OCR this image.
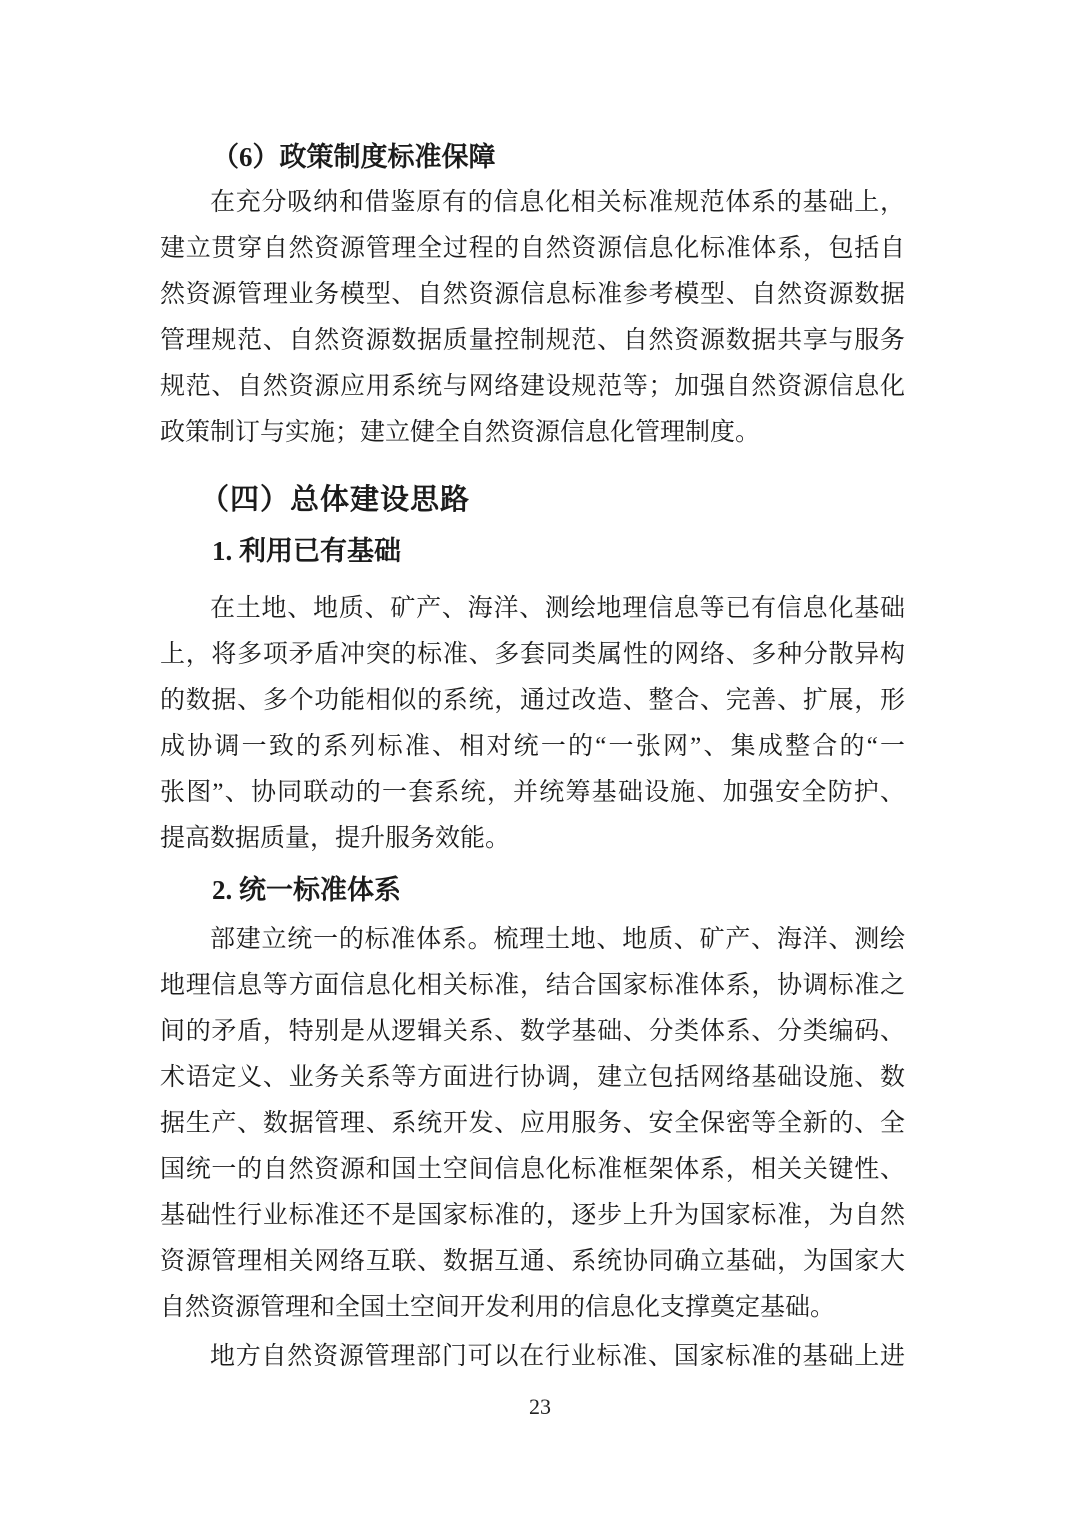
（6）政策制度标准保障
在充分吸纳和借鉴原有的信息化相关标准规范体系的基础上，
建立贯穿自然资源管理全过程的自然资源信息化标准体系，包括自
然资源管理业务模型、自然资源信息标准参考模型、自然资源数据
管理规范、自然资源数据质量控制规范、自然资源数据共享与服务
规范、自然资源应用系统与网络建设规范等；加强自然资源信息化
政策制订与实施；建立健全自然资源信息化管理制度。
（四）总体建设思路
1. 利用已有基础
在土地、地质、矿产、海洋、测绘地理信息等已有信息化基础
上，将多项矛盾冲突的标准、多套同类属性的网络、多种分散异构
的数据、多个功能相似的系统，通过改造、整合、完善、扩展，形
成协调一致的系列标准、相对统一的“一张网”、集成整合的“一
张图”、协同联动的一套系统，并统筹基础设施、加强安全防护、
提高数据质量，提升服务效能。
2. 统一标准体系
部建立统一的标准体系。梳理土地、地质、矿产、海洋、测绘
地理信息等方面信息化相关标准，结合国家标准体系，协调标准之
间的矛盾，特别是从逻辑关系、数学基础、分类体系、分类编码、
术语定义、业务关系等方面进行协调，建立包括网络基础设施、数
据生产、数据管理、系统开发、应用服务、安全保密等全新的、全
国统一的自然资源和国土空间信息化标准框架体系，相关关键性、
基础性行业标准还不是国家标准的，逐步上升为国家标准，为自然
资源管理相关网络互联、数据互通、系统协同确立基础，为国家大
自然资源管理和全国土空间开发利用的信息化支撑奠定基础。
地方自然资源管理部门可以在行业标准、国家标准的基础上进
23
